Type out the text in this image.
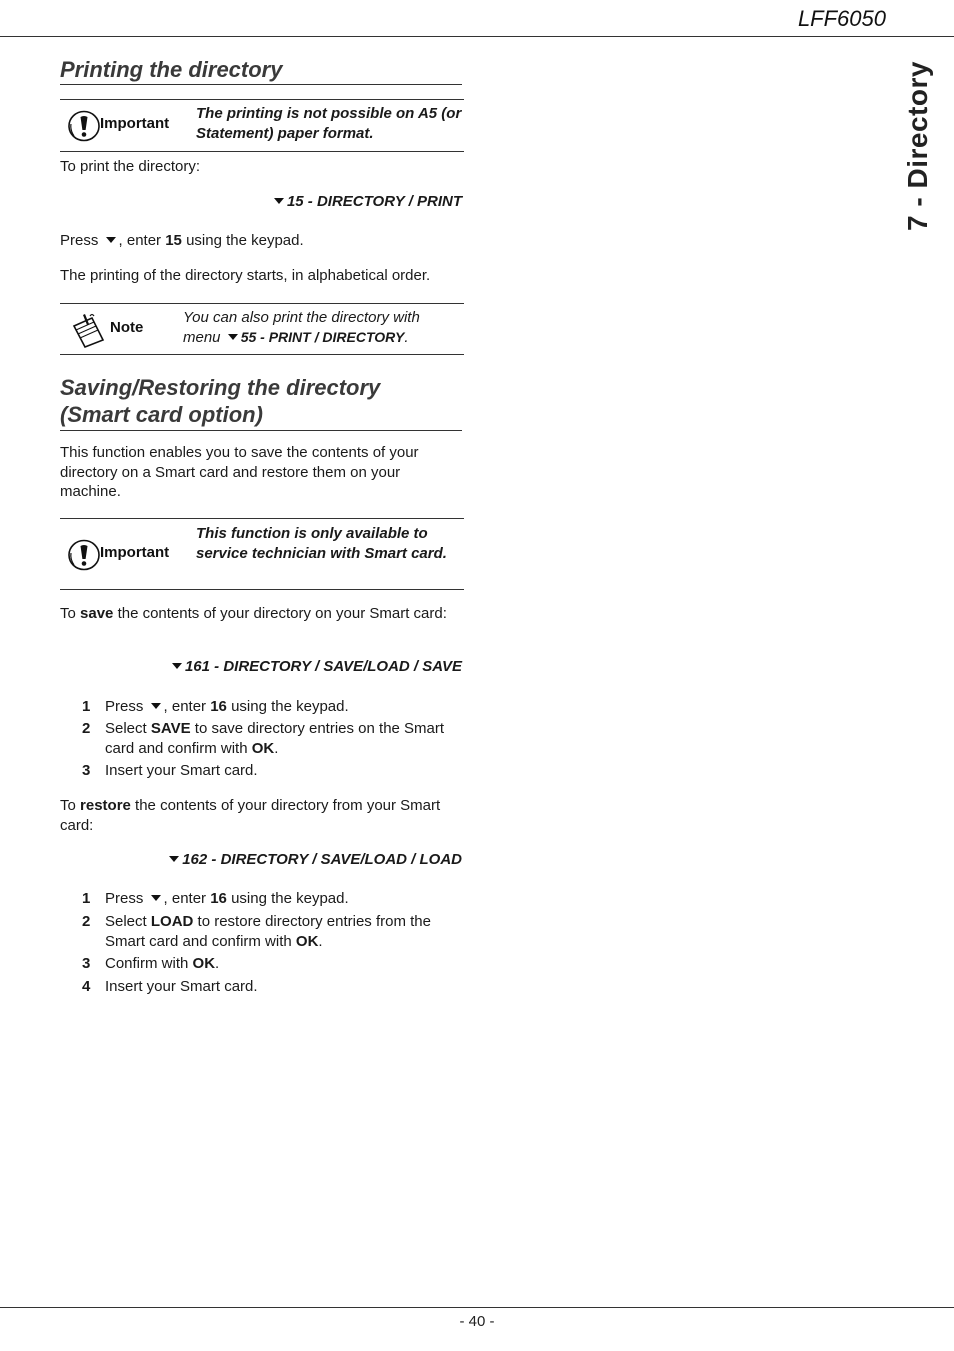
LFF6050
7 - Directory
Printing the directory
Important
The printing is not possible on A5 (or Statement) paper format.
To print the directory:
15 - DIRECTORY / PRINT
Press , enter 15 using the keypad.
The printing of the directory starts, in alphabetical order.
Note
You can also print the directory with
menu 55 - PRINT / DIRECTORY.
Saving/Restoring the directory
(Smart card option)
This function enables you to save the contents of your directory on a Smart card and restore them on your machine.
Important
This function is only available to service technician with Smart card.
To save the contents of your directory on your Smart card:
161 - DIRECTORY / SAVE/LOAD / SAVE
1 Press , enter 16 using the keypad.
2 Select SAVE to save directory entries on the Smart card and confirm with OK.
3 Insert your Smart card.
To restore the contents of your directory from your Smart card:
162 - DIRECTORY / SAVE/LOAD / LOAD
1 Press , enter 16 using the keypad.
2 Select LOAD to restore directory entries from the Smart card and confirm with OK.
3 Confirm with OK.
4 Insert your Smart card.
- 40 -
